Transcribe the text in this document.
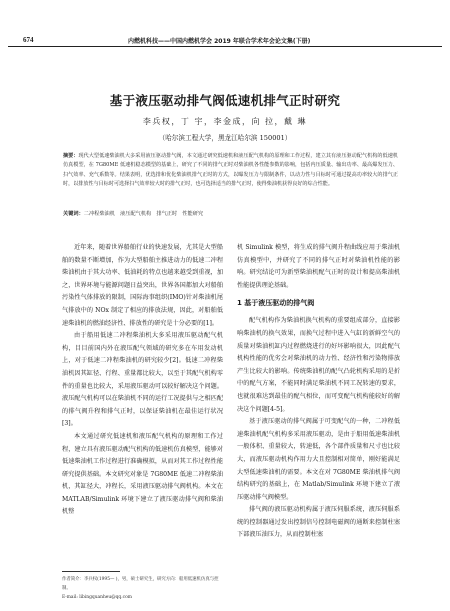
674	内燃机科技——中国内燃机学会 2019 年联合学术年会论文集(下册)
基于液压驱动排气阀低速机排气正时研究
李兵权，丁 宇，李金成，向 拉，戴 琳
（哈尔滨工程大学，黑龙江哈尔滨 150001）
摘要：现代大型低速柴油机大多采用液压驱动排气阀，本文通过研究低速机和液压配气机构的原理和工作过程，建立其有液压驱动配气机构的低速机仿真模型，在 7G80ME 低速机稳态模型的基础上，研究了不同的排气正时对柴油机各性能参数的影响，包括内压质量、输出功率、最高爆发压力、扫气效率、充气系数等。结果表明，优选排和优化柴油机排气正时的方式，以曝发压力与限制条件，以动力性与目标时可通过提高功率较大的排气正时，以排放性与目标时可选择扫气效率较大时的排气正时，也可选择适当的排气正时，使得柴油机获得良好的综合性能。
关键词：二冲程柴油机　液压配气机构　排气正时　性能研究

近年来，随着世界船舶行业的快速发展，尤其是大型船舶的数量不断增加，作为大型船舶主推进动力的低速二冲程柴油机由于其大功率、低油耗的特点也越来越受到重视，加之，世界环境与能源问题日益突出，世界各国都加大对船舶污染性气体排放的限制，国际海事组织(IMO)针对柴油机尾气排放中的 NOx 制定了相应的排放法规，因此，对船舶低速柴油机的燃油经济性、排放性的研究是十分必要的[1]。

由于船用低速二冲程柴油机大多采用液压驱动配气机构，目目前国内外在液压配气领域的研究多在车用发动机上，对于低速二冲程柴油机的研究较少[2]。低速二冲程柴油机因其缸径、行程、重量都比较大，以至于其配气机构零件的重量也比较大，采用液压驱动可以较好解决这个问题。液压配气机构可以在柴油机不同的运行工况提供与之相匹配的排气阀升程和排气正时，以保证柴油机在最佳运行状况[3]。

本文通过研究低速机和液压配气机构的原理和工作过程，建立具有液压驱动配气机构的低速机仿真模型，能够对低速柴油机工作过程进行准确模拟，从而对其工作过程性能研究提供基础。本文研究对象是 7G80ME 低速二冲程柴油机，其缸径大，冲程长，采用液压驱动排气阀机构。本文在 MATLAB/Simulink 环境下建立了液压驱动排气阀和柴油机整

机 Simulink 模型，将生成的排气阀升程曲线应用于柴油机仿真模型中，并研究了不同的排气正时对柴油机性能的影响。研究结论可为新型柴油机配气正时的设计和提高柴油机性能提供理论基础。

1 基于液压驱动的排气阀

配气机构作为柴油机换气机构的重要组成部分，直接影响柴油机的换气效果，而换气过程中进入气缸的新鲜空气的质量对柴油机缸内过程燃烧进行的好坏影响很大，因此配气机构性能的优劣会对柴油机的动力性、经济性和污染物排放产生比较大的影响。传统柴油机的配气凸轮机构采用的是折中的配气方案，不能同时满足柴油机不同工况转速的要求，也就很难达到最佳的配气相位，而可变配气机构能较好的解决这个问题[4-5]。

基于液压驱动的排气阀属于可变配气的一种，二冲程低速柴油机配气机构多采用液压驱动，是由于船用低速柴油机一般体积、重量较大，转速低，各个部件质量和尺寸也比较大，而液压驱动机构作用力大且控制相对简单，刚好能满足大型低速柴油机的需要。本文在对 7G80ME 柴油机排气阀结构研究的基础上，在 Matlab/Simulink 环境下建立了液压驱动排气阀模型。

排气阀的液压驱动机构属于液压伺服系统，液压伺服系统的控制器通过发出控制信号控制电磁阀的通断来控制柱塞下部液压油压力，从而控制柱塞

作者简介：李兵权(1995— )，男，硕士研究生，研究方向：船用低速机仿真与控制。
E-mail: libingquanheu@qq.com
